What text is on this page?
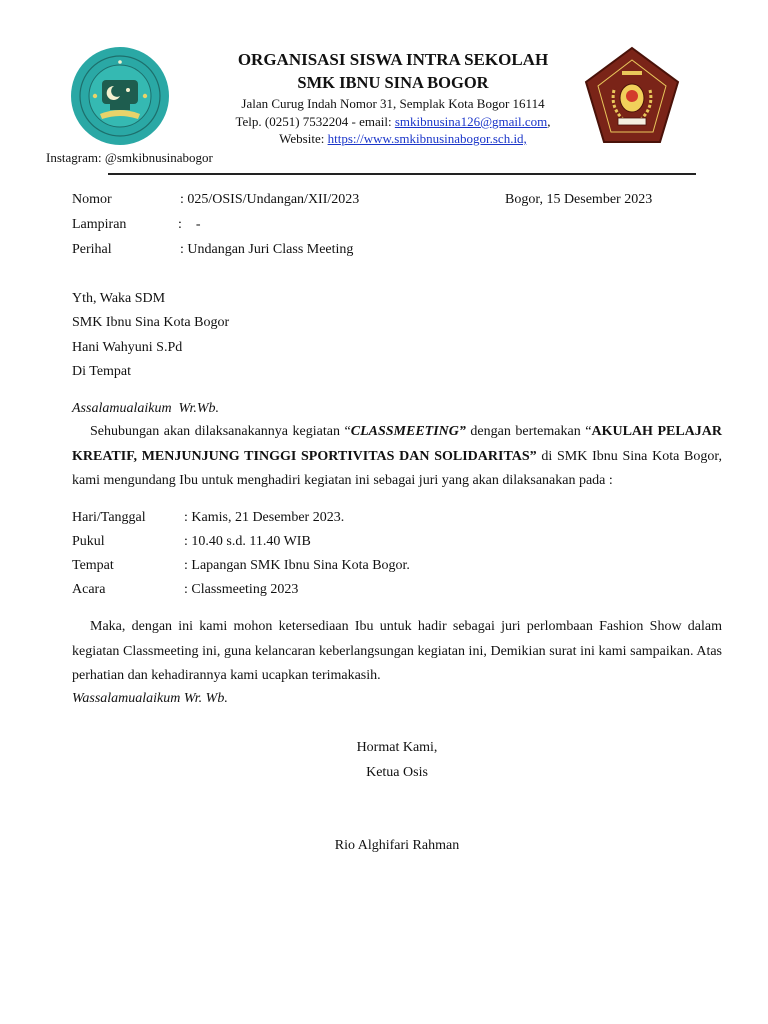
ORGANISASI SISWA INTRA SEKOLAH
SMK IBNU SINA BOGOR
Jalan Curug Indah Nomor 31, Semplak Kota Bogor 16114
Telp. (0251) 7532204 - email: smkibnusina126@gmail.com,
Website: https://www.smkibnusinabogor.sch.id,
Instagram: @smkibnusinabogor
Nomor	: 025/OSIS/Undangan/XII/2023	Bogor, 15 Desember 2023
Lampiran	:    -
Perihal	: Undangan Juri Class Meeting
Yth, Waka SDM
SMK Ibnu Sina Kota Bogor
Hani Wahyuni S.Pd
Di Tempat
Assalamualaikum  Wr.Wb.
Sehubungan akan dilaksanakannya kegiatan “CLASSMEETING” dengan bertemakan “AKULAH PELAJAR KREATIF, MENJUNJUNG TINGGI SPORTIVITAS DAN SOLIDARITAS” di SMK Ibnu Sina Kota Bogor, kami mengundang Ibu untuk menghadiri kegiatan ini sebagai juri yang akan dilaksanakan pada :
Hari/Tanggal	: Kamis, 21 Desember 2023.
Pukul	: 10.40 s.d. 11.40 WIB
Tempat	: Lapangan SMK Ibnu Sina Kota Bogor.
Acara	: Classmeeting 2023
Maka, dengan ini kami mohon ketersediaan Ibu untuk hadir sebagai juri perlombaan Fashion Show dalam kegiatan Classmeeting ini, guna kelancaran keberlangsungan kegiatan ini, Demikian surat ini kami sampaikan. Atas perhatian dan kehadirannya kami ucapkan terimakasih.
Wassalamualaikum Wr. Wb.
Hormat Kami,
Ketua Osis
Rio Alghifari Rahman
